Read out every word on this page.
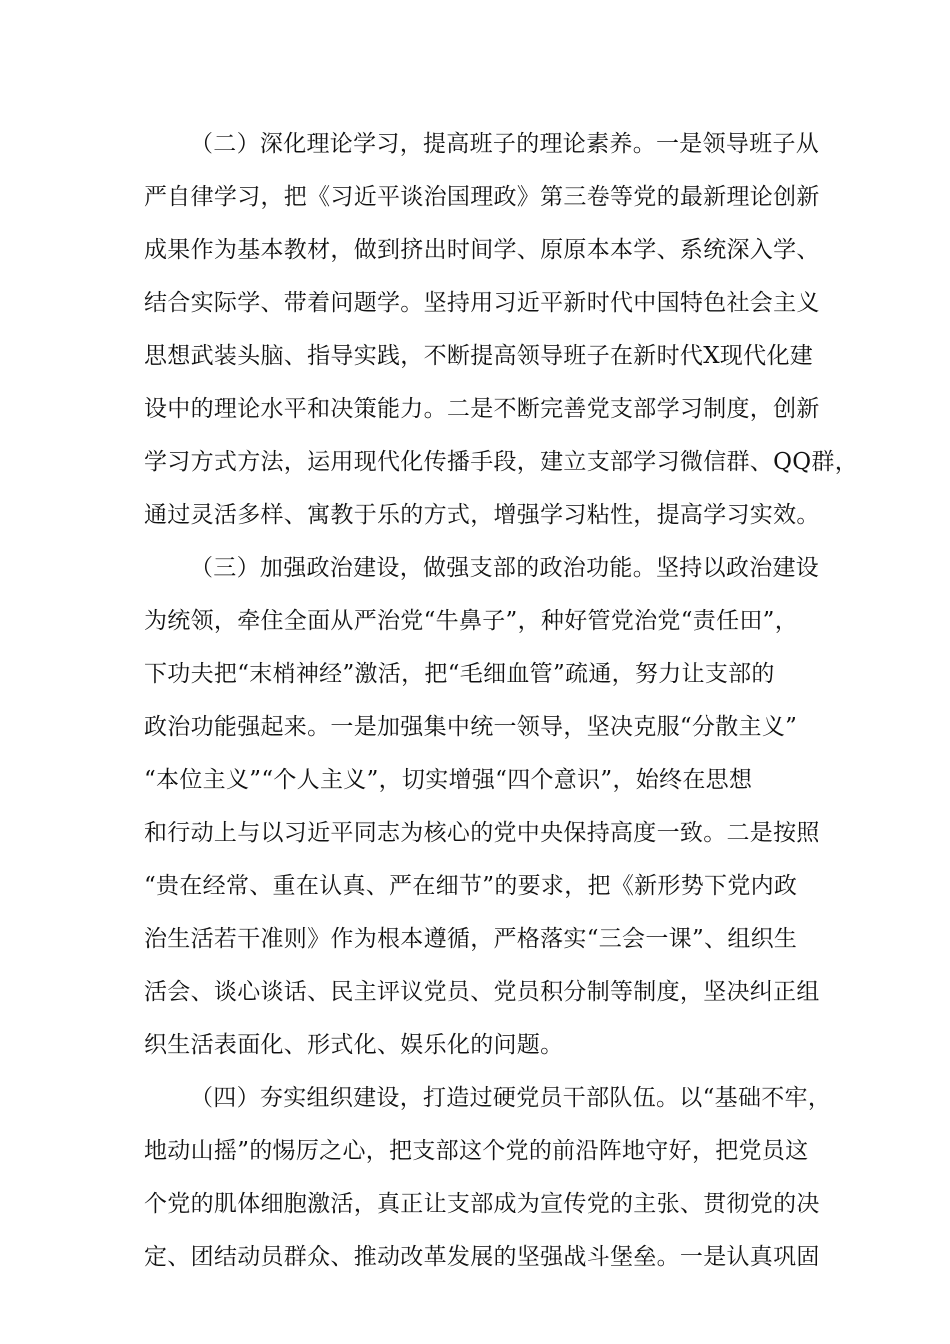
（二）深化理论学习，提高班子的理论素养。一是领导班子从
严自律学习，把《习近平谈治国理政》第三卷等党的最新理论创新
成果作为基本教材，做到挤出时间学、原原本本学、系统深入学、
结合实际学、带着问题学。坚持用习近平新时代中国特色社会主义
思想武装头脑、指导实践，不断提高领导班子在新时代X现代化建
设中的理论水平和决策能力。二是不断完善党支部学习制度，创新
学习方式方法，运用现代化传播手段，建立支部学习微信群、QQ群，
通过灵活多样、寓教于乐的方式，增强学习粘性，提高学习实效。
（三）加强政治建设，做强支部的政治功能。坚持以政治建设
为统领，牵住全面从严治党“牛鼻子”，种好管党治党“责任田”，
下功夫把“末梢神经”激活，把“毛细血管”疏通，努力让支部的
政治功能强起来。一是加强集中统一领导，坚决克服“分散主义”
“本位主义”“个人主义”，切实增强“四个意识”，始终在思想
和行动上与以习近平同志为核心的党中央保持高度一致。二是按照
“贵在经常、重在认真、严在细节”的要求，把《新形势下党内政
治生活若干准则》作为根本遵循，严格落实“三会一课”、组织生
活会、谈心谈话、民主评议党员、党员积分制等制度，坚决纠正组
织生活表面化、形式化、娱乐化的问题。
（四）夯实组织建设，打造过硬党员干部队伍。以“基础不牢，
地动山摇”的惕厉之心，把支部这个党的前沿阵地守好，把党员这
个党的肌体细胞激活，真正让支部成为宣传党的主张、贯彻党的决
定、团结动员群众、推动改革发展的坚强战斗堡垒。一是认真巩固
